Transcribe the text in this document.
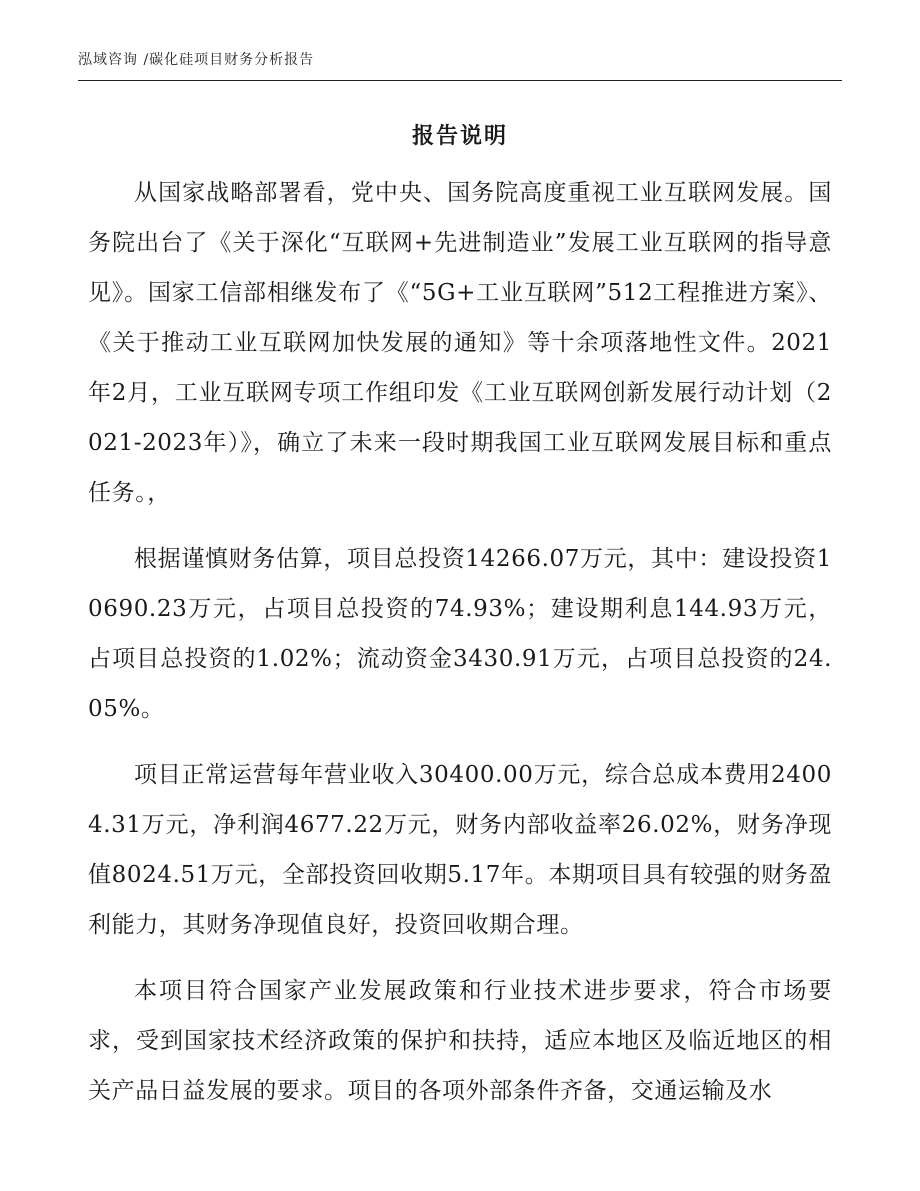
泓域咨询 /碳化硅项目财务分析报告
报告说明

从国家战略部署看，党中央、国务院高度重视工业互联网发展。国务院出台了《关于深化“互联网+先进制造业”发展工业互联网的指导意见》。国家工信部相继发布了《“5G+工业互联网”512工程推进方案》、《关于推动工业互联网加快发展的通知》等十余项落地性文件。2021年2月，工业互联网专项工作组印发《工业互联网创新发展行动计划（2021-2023年）》，确立了未来一段时期我国工业互联网发展目标和重点任务。，

根据谨慎财务估算，项目总投资14266.07万元，其中：建设投资10690.23万元，占项目总投资的74.93%；建设期利息144.93万元，占项目总投资的1.02%；流动资金3430.91万元，占项目总投资的24.05%。

项目正常运营每年营业收入30400.00万元，综合总成本费用24004.31万元，净利润4677.22万元，财务内部收益率26.02%，财务净现值8024.51万元，全部投资回收期5.17年。本期项目具有较强的财务盈利能力，其财务净现值良好，投资回收期合理。

本项目符合国家产业发展政策和行业技术进步要求，符合市场要求，受到国家技术经济政策的保护和扶持，适应本地区及临近地区的相关产品日益发展的要求。项目的各项外部条件齐备，交通运输及水
